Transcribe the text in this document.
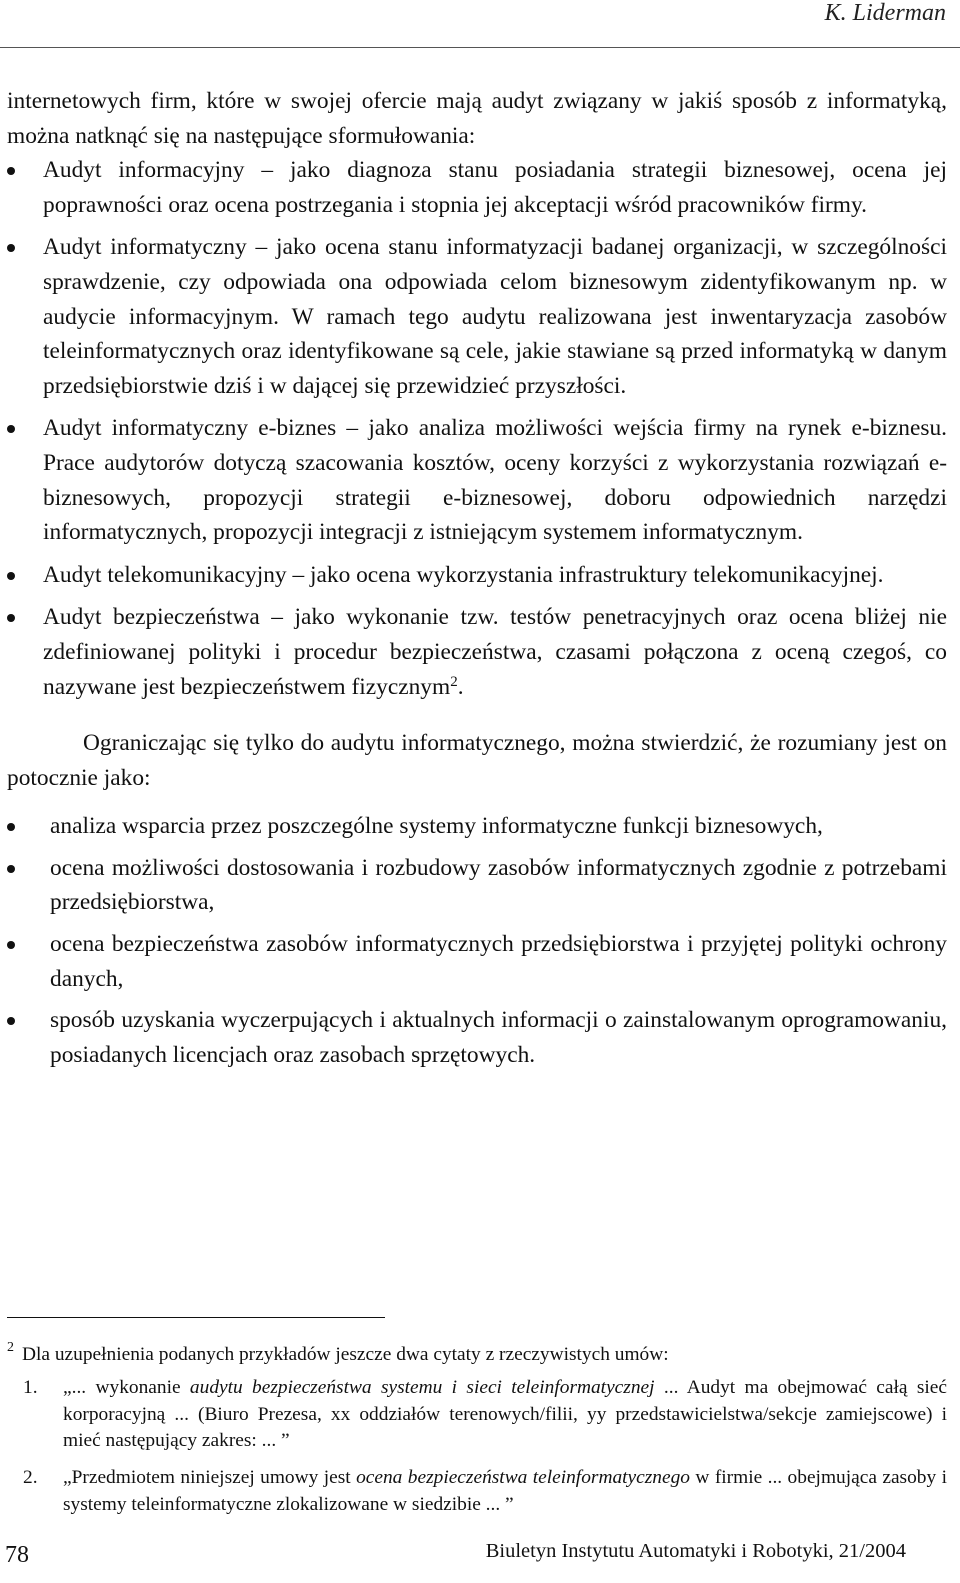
K. Liderman

internetowych firm, które w swojej ofercie mają audyt związany w jakiś sposób z informatyką, można natknąć się na następujące sformułowania:

Audyt informacyjny – jako diagnoza stanu posiadania strategii biznesowej, ocena jej poprawności oraz ocena postrzegania i stopnia jej akceptacji wśród pracowników firmy.
Audyt informatyczny – jako ocena stanu informatyzacji badanej organizacji, w szczególności sprawdzenie, czy odpowiada ona odpowiada celom biznesowym zidentyfikowanym np. w audycie informacyjnym. W ramach tego audytu realizowana jest inwentaryzacja zasobów teleinformatycznych oraz identyfikowane są cele, jakie stawiane są przed informatyką w danym przedsiębiorstwie dziś i w dającej się przewidzieć przyszłości.
Audyt informatyczny e-biznes – jako analiza możliwości wejścia firmy na rynek e-biznesu. Prace audytorów dotyczą szacowania kosztów, oceny korzyści z wykorzystania rozwiązań e-biznesowych, propozycji strategii e-biznesowej, doboru odpowiednich narzędzi informatycznych, propozycji integracji z istniejącym systemem informatycznym.
Audyt telekomunikacyjny – jako ocena wykorzystania infrastruktury telekomunikacyjnej.
Audyt bezpieczeństwa – jako wykonanie tzw. testów penetracyjnych oraz ocena bliżej nie zdefiniowanej polityki i procedur bezpieczeństwa, czasami połączona z oceną czegoś, co nazywane jest bezpieczeństwem fizycznym$^2$.

Ograniczając się tylko do audytu informatycznego, można stwierdzić, że rozumiany jest on potocznie jako:

analiza wsparcia przez poszczególne systemy informatyczne funkcji biznesowych,
ocena możliwości dostosowania i rozbudowy zasobów informatycznych zgodnie z potrzebami przedsiębiorstwa,
ocena bezpieczeństwa zasobów informatycznych przedsiębiorstwa i przyjętej polityki ochrony danych,
sposób uzyskania wyczerpujących i aktualnych informacji o zainstalowanym oprogramowaniu, posiadanych licencjach oraz zasobach sprzętowych.

$^2$ Dla uzupełnienia podanych przykładów jeszcze dwa cytaty z rzeczywistych umów:

1. „... wykonanie audytu bezpieczeństwa systemu i sieci teleinformatycznej ... Audyt ma obejmować całą sieć korporacyjną ... (Biuro Prezesa, xx oddziałów terenowych/filii, yy przedstawicielstwa/sekcje zamiejscowe) i mieć następujący zakres: ... ”
2. „Przedmiotem niniejszej umowy jest ocena bezpieczeństwa teleinformatycznego w firmie ... obejmująca zasoby i systemy teleinformatyczne zlokalizowane w siedzibie ... ”
78	Biuletyn Instytutu Automatyki i Robotyki, 21/2004
